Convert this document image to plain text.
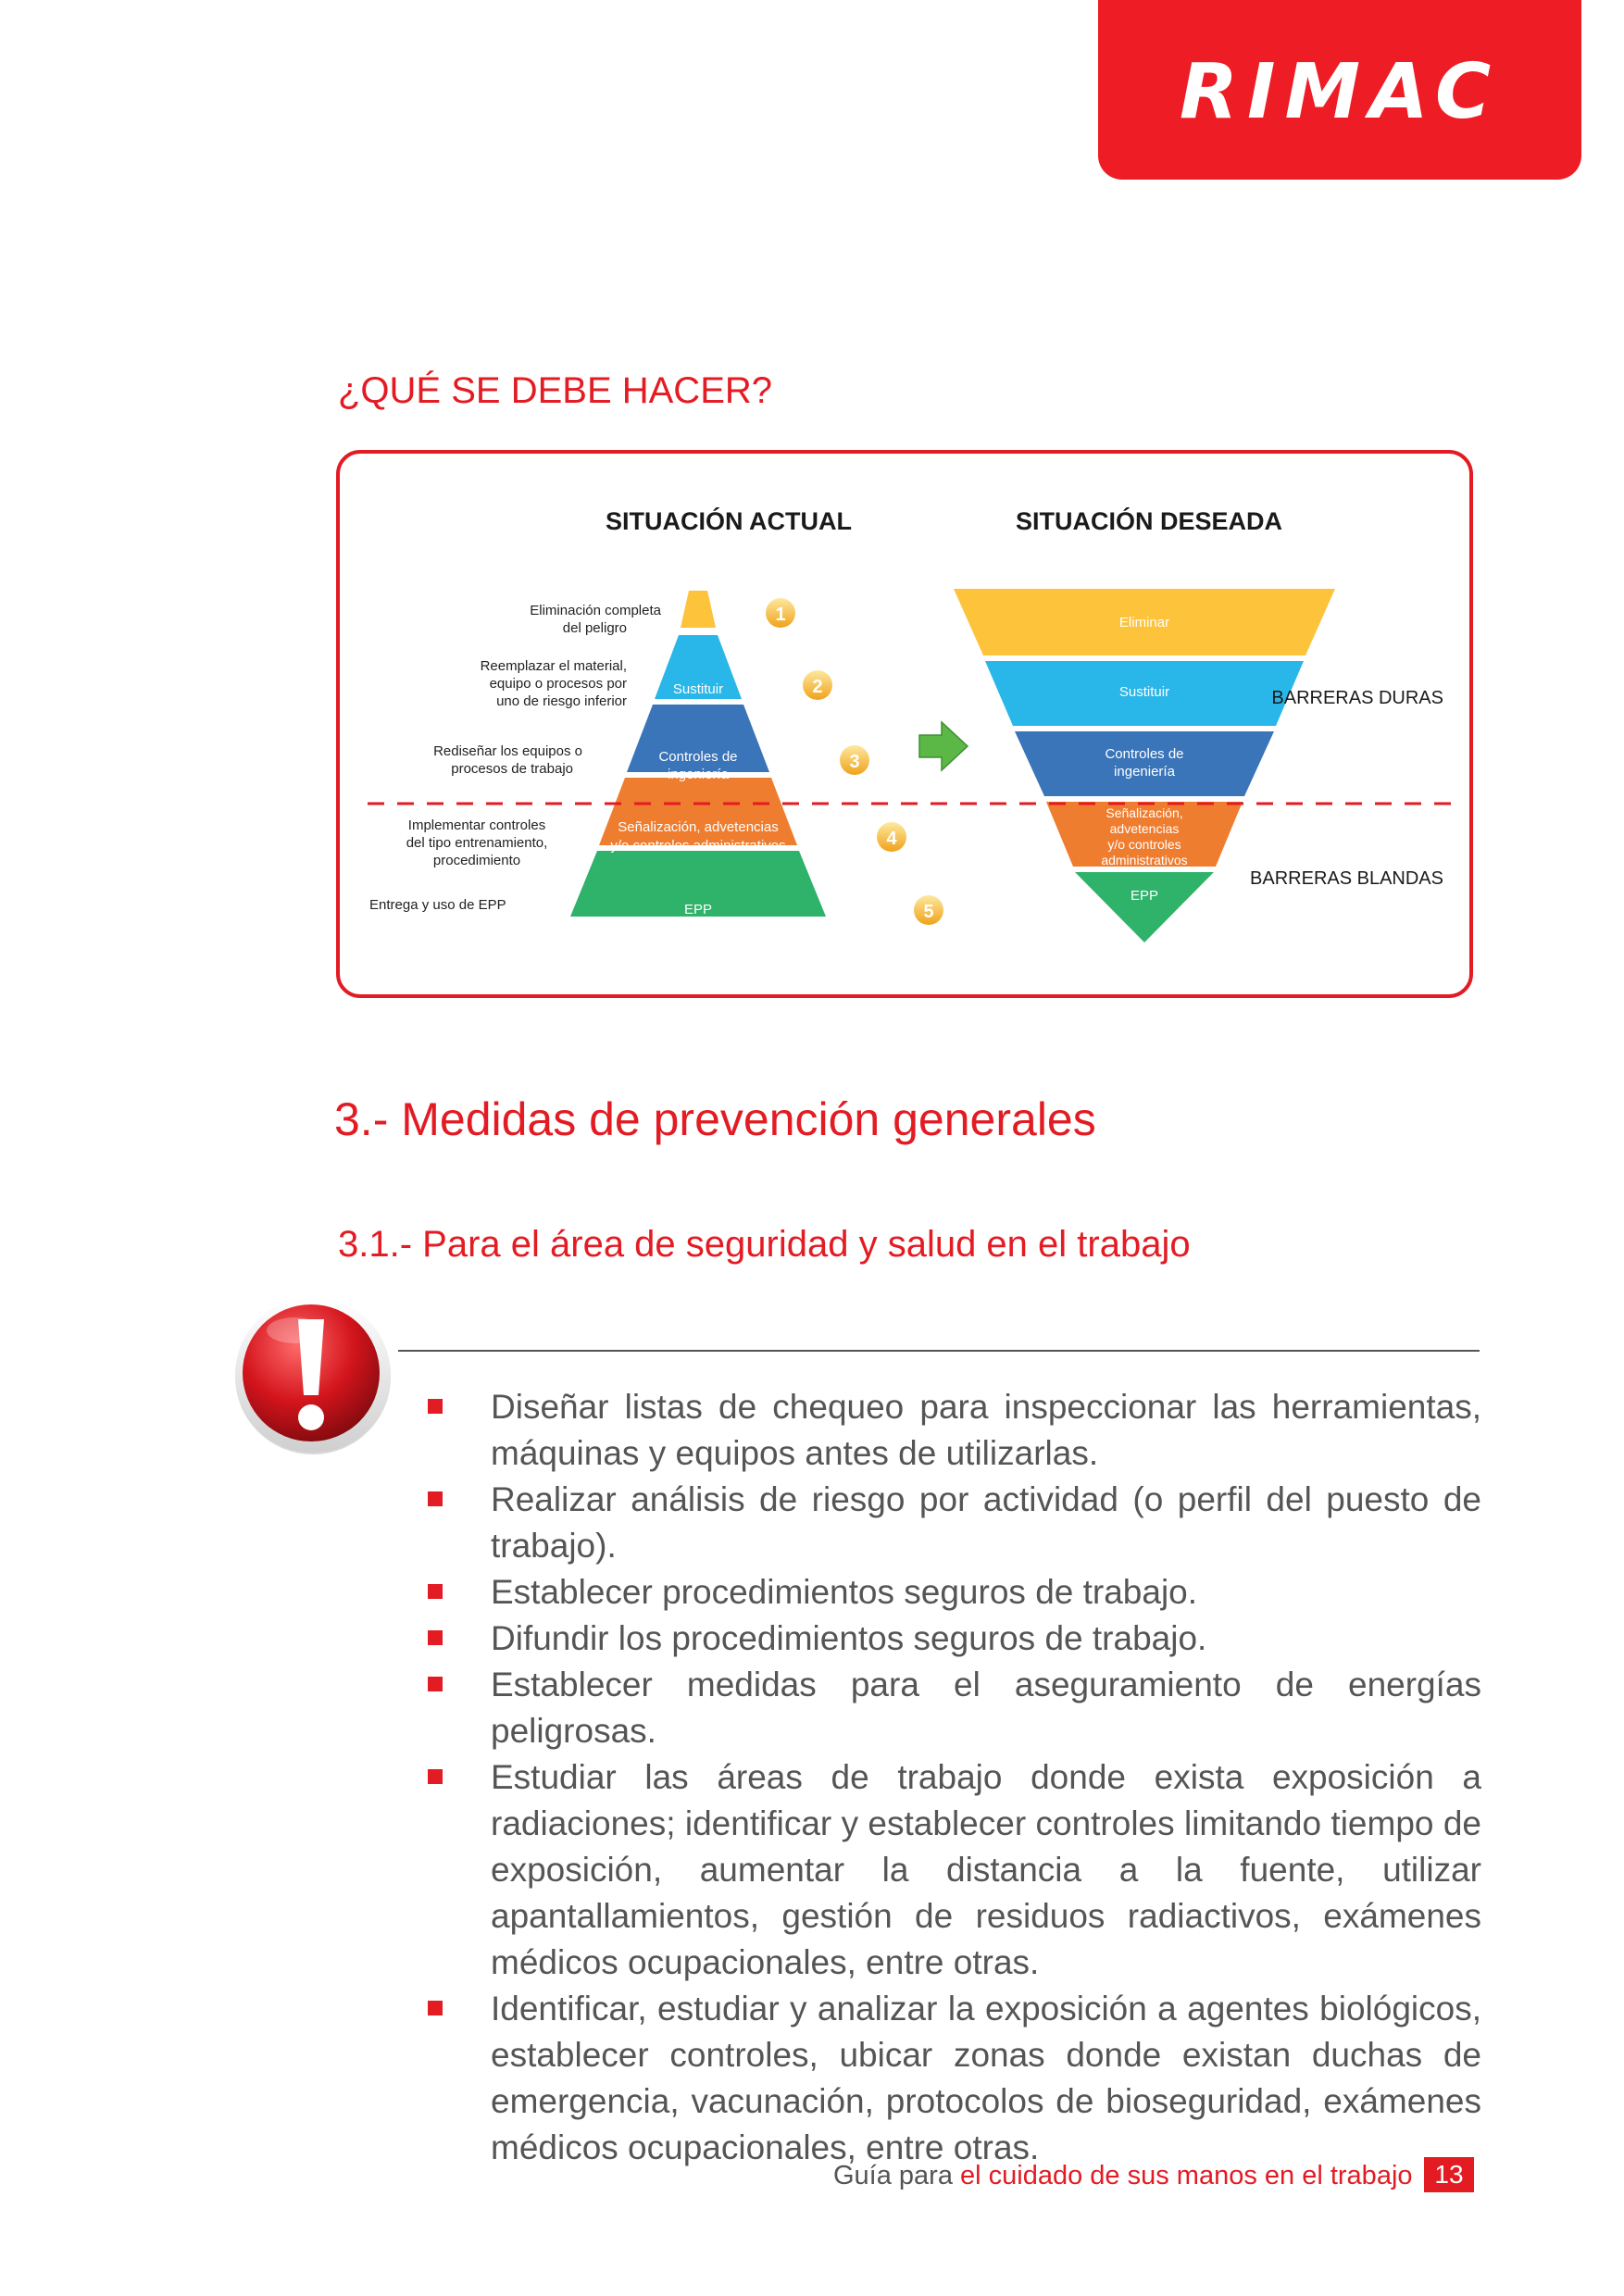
RIMAC
¿QUÉ SE DEBE HACER?
SITUACIÓN ACTUAL	SITUACIÓN DESEADA
Eliminar
Sustituir
Controles de
ingeniería
Señalización, advetencias
y/o controles administrativos
EPP
1
2
3
4
5
Eliminación completa
del peligro
Reemplazar el material,
equipo o procesos por
uno de riesgo inferior
Rediseñar los equipos o
procesos de trabajo
Implementar controles
del tipo entrenamiento,
procedimiento
Entrega y uso de EPP
Eliminar
Sustituir
Controles de
ingeniería
Señalización,
advetencias
y/o controles
administrativos
EPP
BARRERAS DURAS
BARRERAS BLANDAS
3.- Medidas de prevención generales
3.1.- Para el área de seguridad y salud en el trabajo
Diseñar listas de chequeo para inspeccionar las herramientas, máquinas y equipos antes de utilizarlas.
Realizar análisis de riesgo por actividad (o perfil del puesto de trabajo).
Establecer procedimientos seguros de trabajo.
Difundir los procedimientos seguros de trabajo.
Establecer medidas para el aseguramiento de energías peligrosas.
Estudiar las áreas de trabajo donde exista exposición a radiaciones; identificar y establecer controles limitando tiempo de exposición, aumentar la distancia a la fuente, utilizar apantallamientos, gestión de residuos radiactivos, exámenes médicos ocupacionales, entre otras.
Identificar, estudiar y analizar la exposición a agentes biológicos, establecer controles, ubicar zonas donde existan duchas de emergencia, vacunación, protocolos de bioseguridad, exámenes médicos ocupacionales, entre otras.
Guía para el cuidado de sus manos en el trabajo 13
